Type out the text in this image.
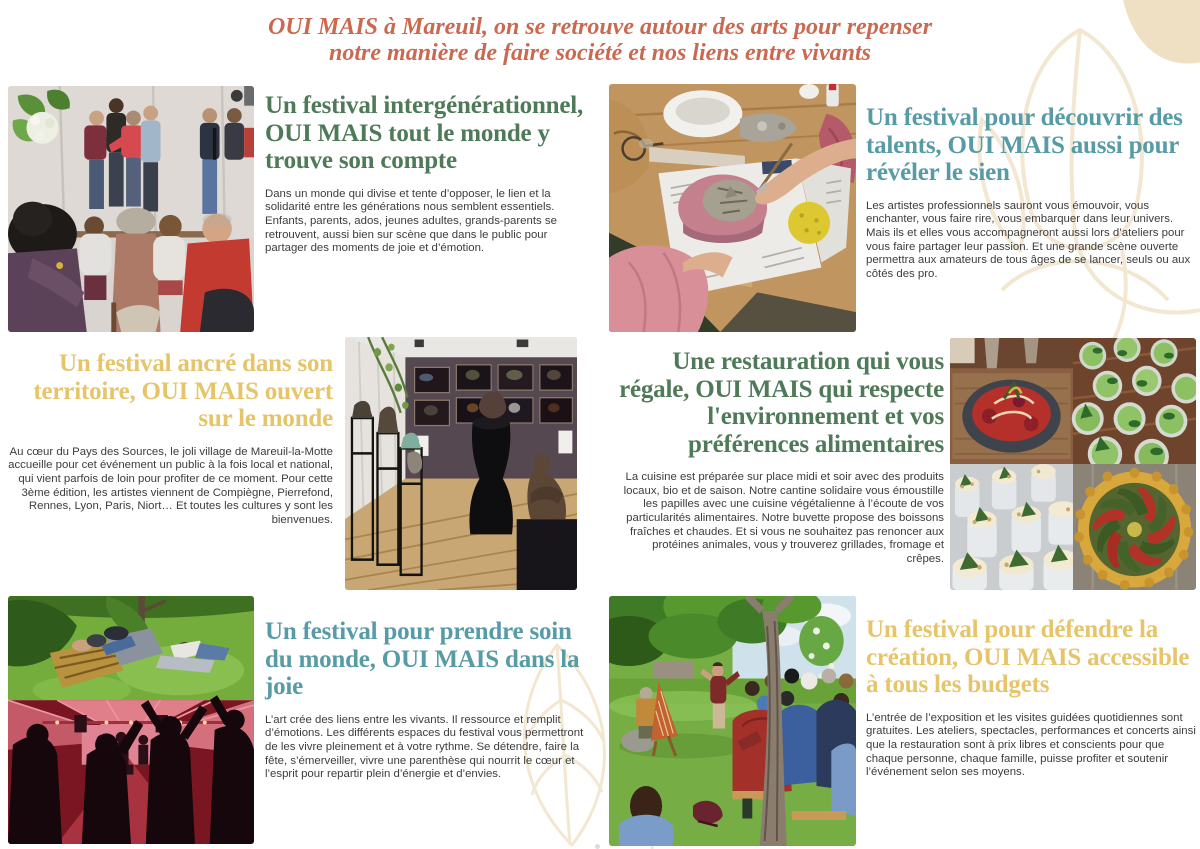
OUI MAIS à Mareuil, on se retrouve autour des arts pour repenser
notre manière de faire société et nos liens entre vivants
Un festival intergénérationnel, OUI MAIS tout le monde y trouve son compte

Dans un monde qui divise et tente d’opposer, le lien et la solidarité entre les générations nous semblent essentiels. Enfants, parents, ados, jeunes adultes, grands-parents se retrouvent, aussi bien sur scène que dans le public pour partager des moments de joie et d’émotion.

Un festival pour découvrir des talents, OUI MAIS aussi pour révéler le sien

Les artistes professionnels sauront vous émouvoir, vous enchanter, vous faire rire, vous embarquer dans leur univers. Mais ils et elles vous accompagneront aussi lors d’ateliers pour vous faire partager leur passion. Et une grande scène ouverte permettra aux amateurs de tous âges de se lancer, seuls ou aux côtés des pro.

Un festival ancré dans son territoire, OUI MAIS ouvert sur le monde

Au cœur du Pays des Sources, le joli village de Mareuil-la-Motte accueille pour cet événement un public à la fois local et national, qui vient parfois de loin pour profiter de ce moment. Pour cette 3ème édition, les artistes viennent de Compiègne, Pierrefond, Rennes, Lyon, Paris, Niort… Et toutes les cultures y sont les bienvenues.

Une restauration qui vous régale, OUI MAIS qui respecte l'environnement et vos préférences alimentaires

La cuisine est préparée sur place midi et soir avec des produits locaux, bio et de saison. Notre cantine solidaire vous émoustille les papilles avec une cuisine végétalienne à l’écoute de vos particularités alimentaires. Notre buvette propose des boissons fraîches et chaudes. Et si vous ne souhaitez pas renoncer aux protéines animales, vous y trouverez grillades, fromage et crêpes.

Un festival pour prendre soin du monde, OUI MAIS dans la joie

L’art crée des liens entre les vivants. Il ressource et remplit d’émotions. Les différents espaces du festival vous permettront de les vivre pleinement et à votre rythme. Se détendre, faire la fête, s’émerveiller, vivre une parenthèse qui nourrit le cœur et l’esprit pour repartir plein d’énergie et d’envies.

Un festival pour défendre la création, OUI MAIS accessible à tous les budgets

L’entrée de l’exposition et les visites guidées quotidiennes sont gratuites. Les ateliers, spectacles, performances et concerts ainsi que la restauration sont à prix libres et conscients pour que chaque personne, chaque famille, puisse profiter et soutenir l’événement selon ses moyens.
